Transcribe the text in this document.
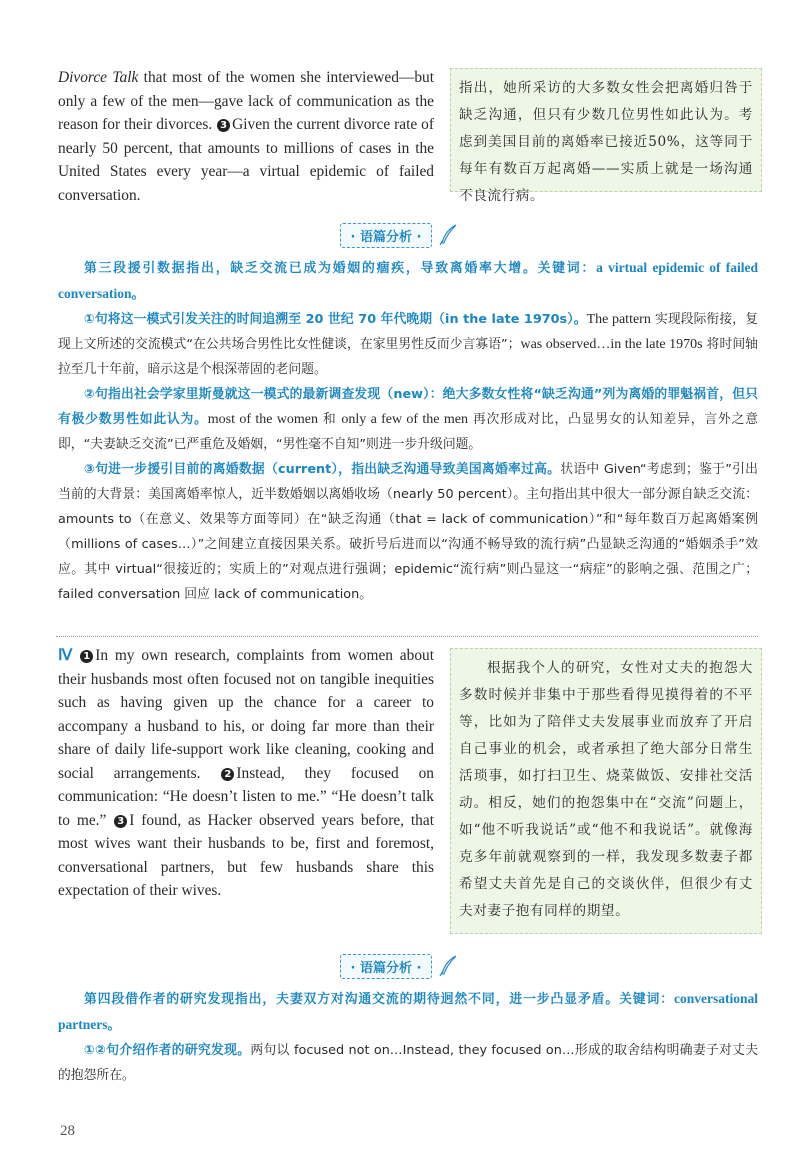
Divorce Talk that most of the women she interviewed—but only a few of the men—gave lack of communication as the reason for their divorces. 3 Given the current divorce rate of nearly 50 percent, that amounts to millions of cases in the United States every year—a virtual epidemic of failed conversation.
指出，她所采访的大多数女性会把离婚归咎于缺乏沟通，但只有少数几位男性如此认为。考虑到美国目前的离婚率已接近50%，这等同于每年有数百万起离婚——实质上就是一场沟通不良流行病。
· 语篇分析 ·
第三段援引数据指出，缺乏交流已成为婚姻的痼疾，导致离婚率大增。关键词：a virtual epidemic of failed conversation。
①句将这一模式引发关注的时间追溯至 20 世纪 70 年代晚期（in the late 1970s）。The pattern 实现段际衔接，复现上文所述的交流模式“在公共场合男性比女性健谈，在家里男性反而少言寡语”；was observed…in the late 1970s 将时间轴拉至几十年前，暗示这是个根深蒂固的老问题。
②句指出社会学家里斯曼就这一模式的最新调查发现（new）：绝大多数女性将“缺乏沟通”列为离婚的罪魁祸首，但只有极少数男性如此认为。most of the women 和 only a few of the men 再次形成对比，凸显男女的认知差异，言外之意即，“夫妻缺乏交流”已严重危及婚姻，“男性毫不自知”则进一步升级问题。
③句进一步援引目前的离婚数据（current），指出缺乏沟通导致美国离婚率过高。状语中 Given“考虑到；鉴于”引出当前的大背景：美国离婚率惊人，近半数婚姻以离婚收场（nearly 50 percent）。主句指出其中很大一部分源自缺乏交流：amounts to（在意义、效果等方面等同）在“缺乏沟通（that = lack of communication）”和“每年数百万起离婚案例（millions of cases…）”之间建立直接因果关系。破折号后进而以“沟通不畅导致的流行病”凸显缺乏沟通的“婚姻杀手”效应。其中 virtual“很接近的；实质上的”对观点进行强调；epidemic“流行病”则凸显这一“病症”的影响之强、范围之广；failed conversation 回应 lack of communication。
Ⅳ 1 In my own research, complaints from women about their husbands most often focused not on tangible inequities such as having given up the chance for a career to accompany a husband to his, or doing far more than their share of daily life-support work like cleaning, cooking and social arrangements. 2 Instead, they focused on communication: “He doesn’t listen to me.” “He doesn’t talk to me.” 3 I found, as Hacker observed years before, that most wives want their husbands to be, first and foremost, conversational partners, but few husbands share this expectation of their wives.
根据我个人的研究，女性对丈夫的抱怨大多数时候并非集中于那些看得见摸得着的不平等，比如为了陪伴丈夫发展事业而放弃了开启自己事业的机会，或者承担了绝大部分日常生活琐事，如打扫卫生、烧菜做饭、安排社交活动。相反，她们的抱怨集中在“交流”问题上，如“他不听我说话”或“他不和我说话”。就像海克多年前就观察到的一样，我发现多数妻子都希望丈夫首先是自己的交谈伙伴，但很少有丈夫对妻子抱有同样的期望。
· 语篇分析 ·
第四段借作者的研究发现指出，夫妻双方对沟通交流的期待迥然不同，进一步凸显矛盾。关键词：conversational partners。
①②句介绍作者的研究发现。两句以 focused not on…Instead, they focused on…形成的取舍结构明确妻子对丈夫的抱怨所在。
28
